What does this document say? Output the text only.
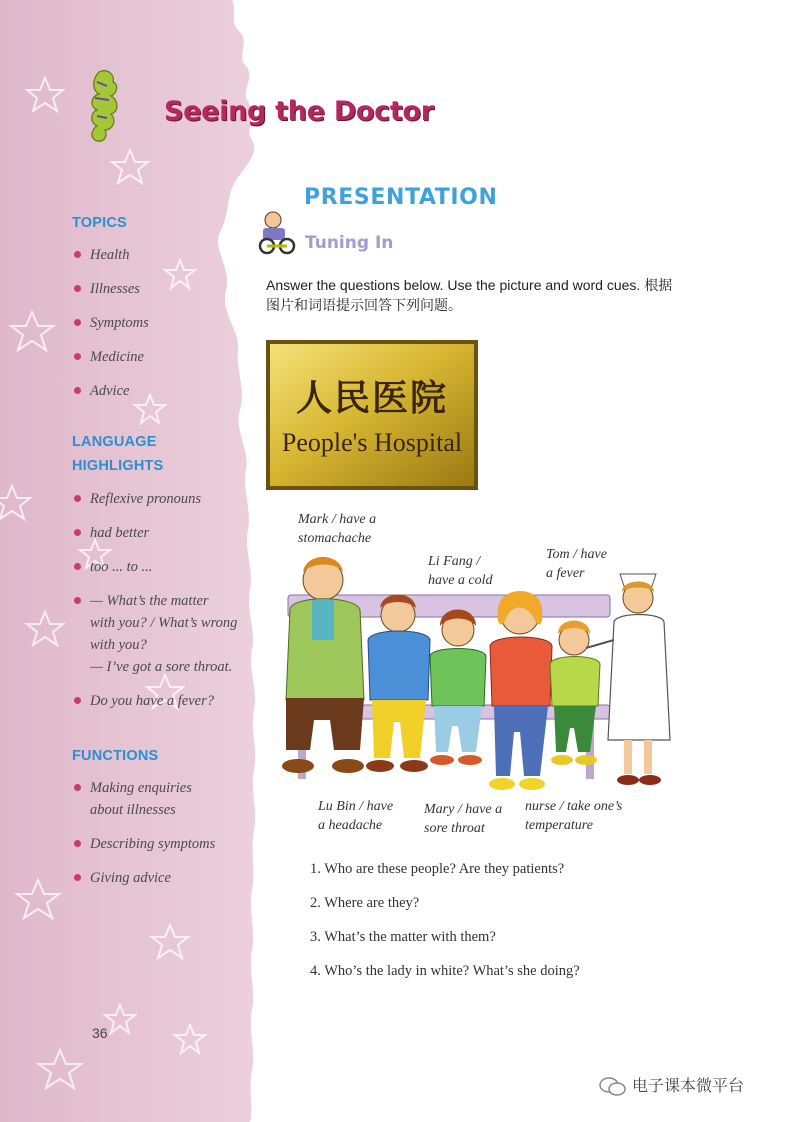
Seeing the Doctor
TOPICS
Health
Illnesses
Symptoms
Medicine
Advice
LANGUAGE
HIGHLIGHTS
Reflexive pronouns
had better
too ... to ...
— What’s the matter
with you? / What’s wrong
with you?
— I’ve got a sore throat.
Do you have a fever?
FUNCTIONS
Making enquiries
about illnesses
Describing symptoms
Giving advice
36
PRESENTATION
Tuning In
Answer the questions below. Use the picture and word cues. 根据
图片和词语提示回答下列问题。
人民医院
People's Hospital
Mark / have a
stomachache
Li Fang /
have a cold
Tom / have
a fever
Lu Bin / have
a headache
Mary / have a
sore throat
nurse / take one’s
temperature
1. Who are these people? Are they patients?
2. Where are they?
3. What’s the matter with them?
4. Who’s the lady in white? What’s she doing?
电子课本微平台
